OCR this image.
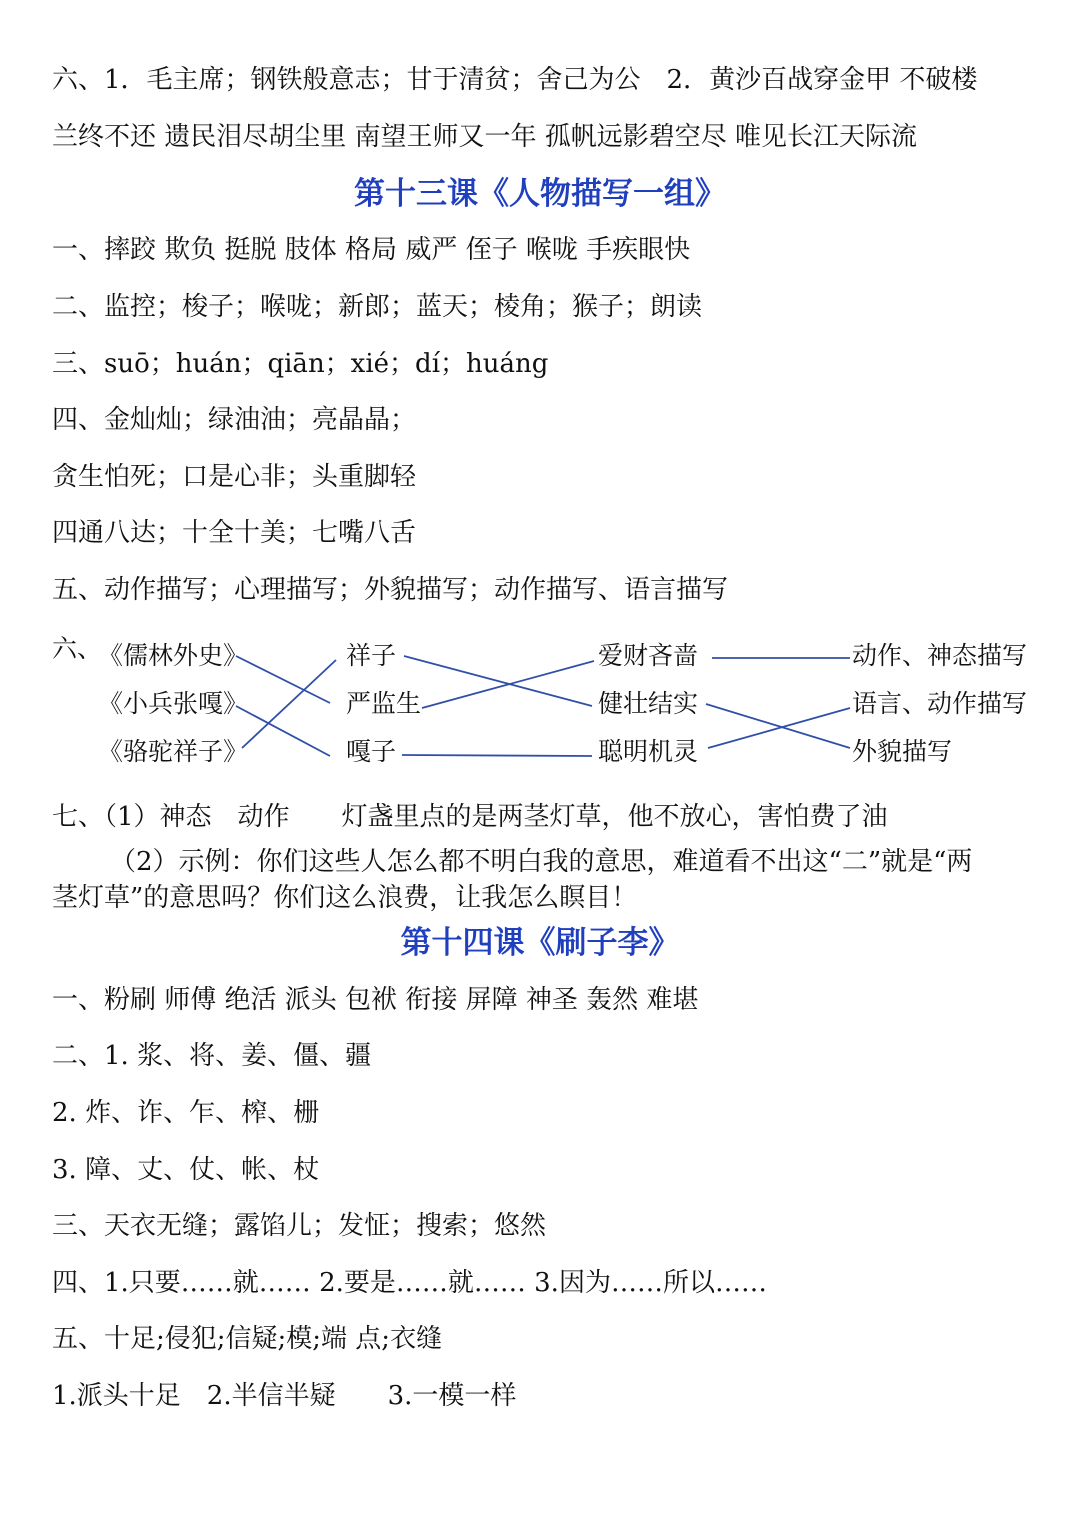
六、1．毛主席；钢铁般意志；甘于清贫；舍己为公　2．黄沙百战穿金甲 不破楼
兰终不还 遗民泪尽胡尘里 南望王师又一年 孤帆远影碧空尽 唯见长江天际流
第十三课《人物描写一组》
一、摔跤 欺负 挺脱 肢体 格局 威严 侄子 喉咙 手疾眼快
二、监控；梭子；喉咙；新郎；蓝天；棱角；猴子；朗读
三、suō；huán；qiān；xié；dí；huáng
四、金灿灿；绿油油；亮晶晶；
贪生怕死；口是心非；头重脚轻
四通八达；十全十美；七嘴八舌
五、动作描写；心理描写；外貌描写；动作描写、语言描写
六、
《儒林外史》
《小兵张嘎》
《骆驼祥子》
祥子
严监生
嘎子
爱财吝啬
健壮结实
聪明机灵
动作、神态描写
语言、动作描写
外貌描写
七、（1）神态　动作　　灯盏里点的是两茎灯草，他不放心，害怕费了油
（2）示例：你们这些人怎么都不明白我的意思，难道看不出这“二”就是“两
茎灯草”的意思吗？你们这么浪费，让我怎么瞑目！
第十四课《刷子李》
一、粉刷 师傅 绝活 派头 包袱 衔接 屏障 神圣 轰然 难堪
二、1. 浆、将、姜、僵、疆
2. 炸、诈、乍、榨、栅
3. 障、丈、仗、帐、杖
三、天衣无缝；露馅儿；发怔；搜索；悠然
四、1.只要……就…… 2.要是……就…… 3.因为……所以……
五、十足;侵犯;信疑;模;端 点;衣缝
1.派头十足　2.半信半疑　　3.一模一样
